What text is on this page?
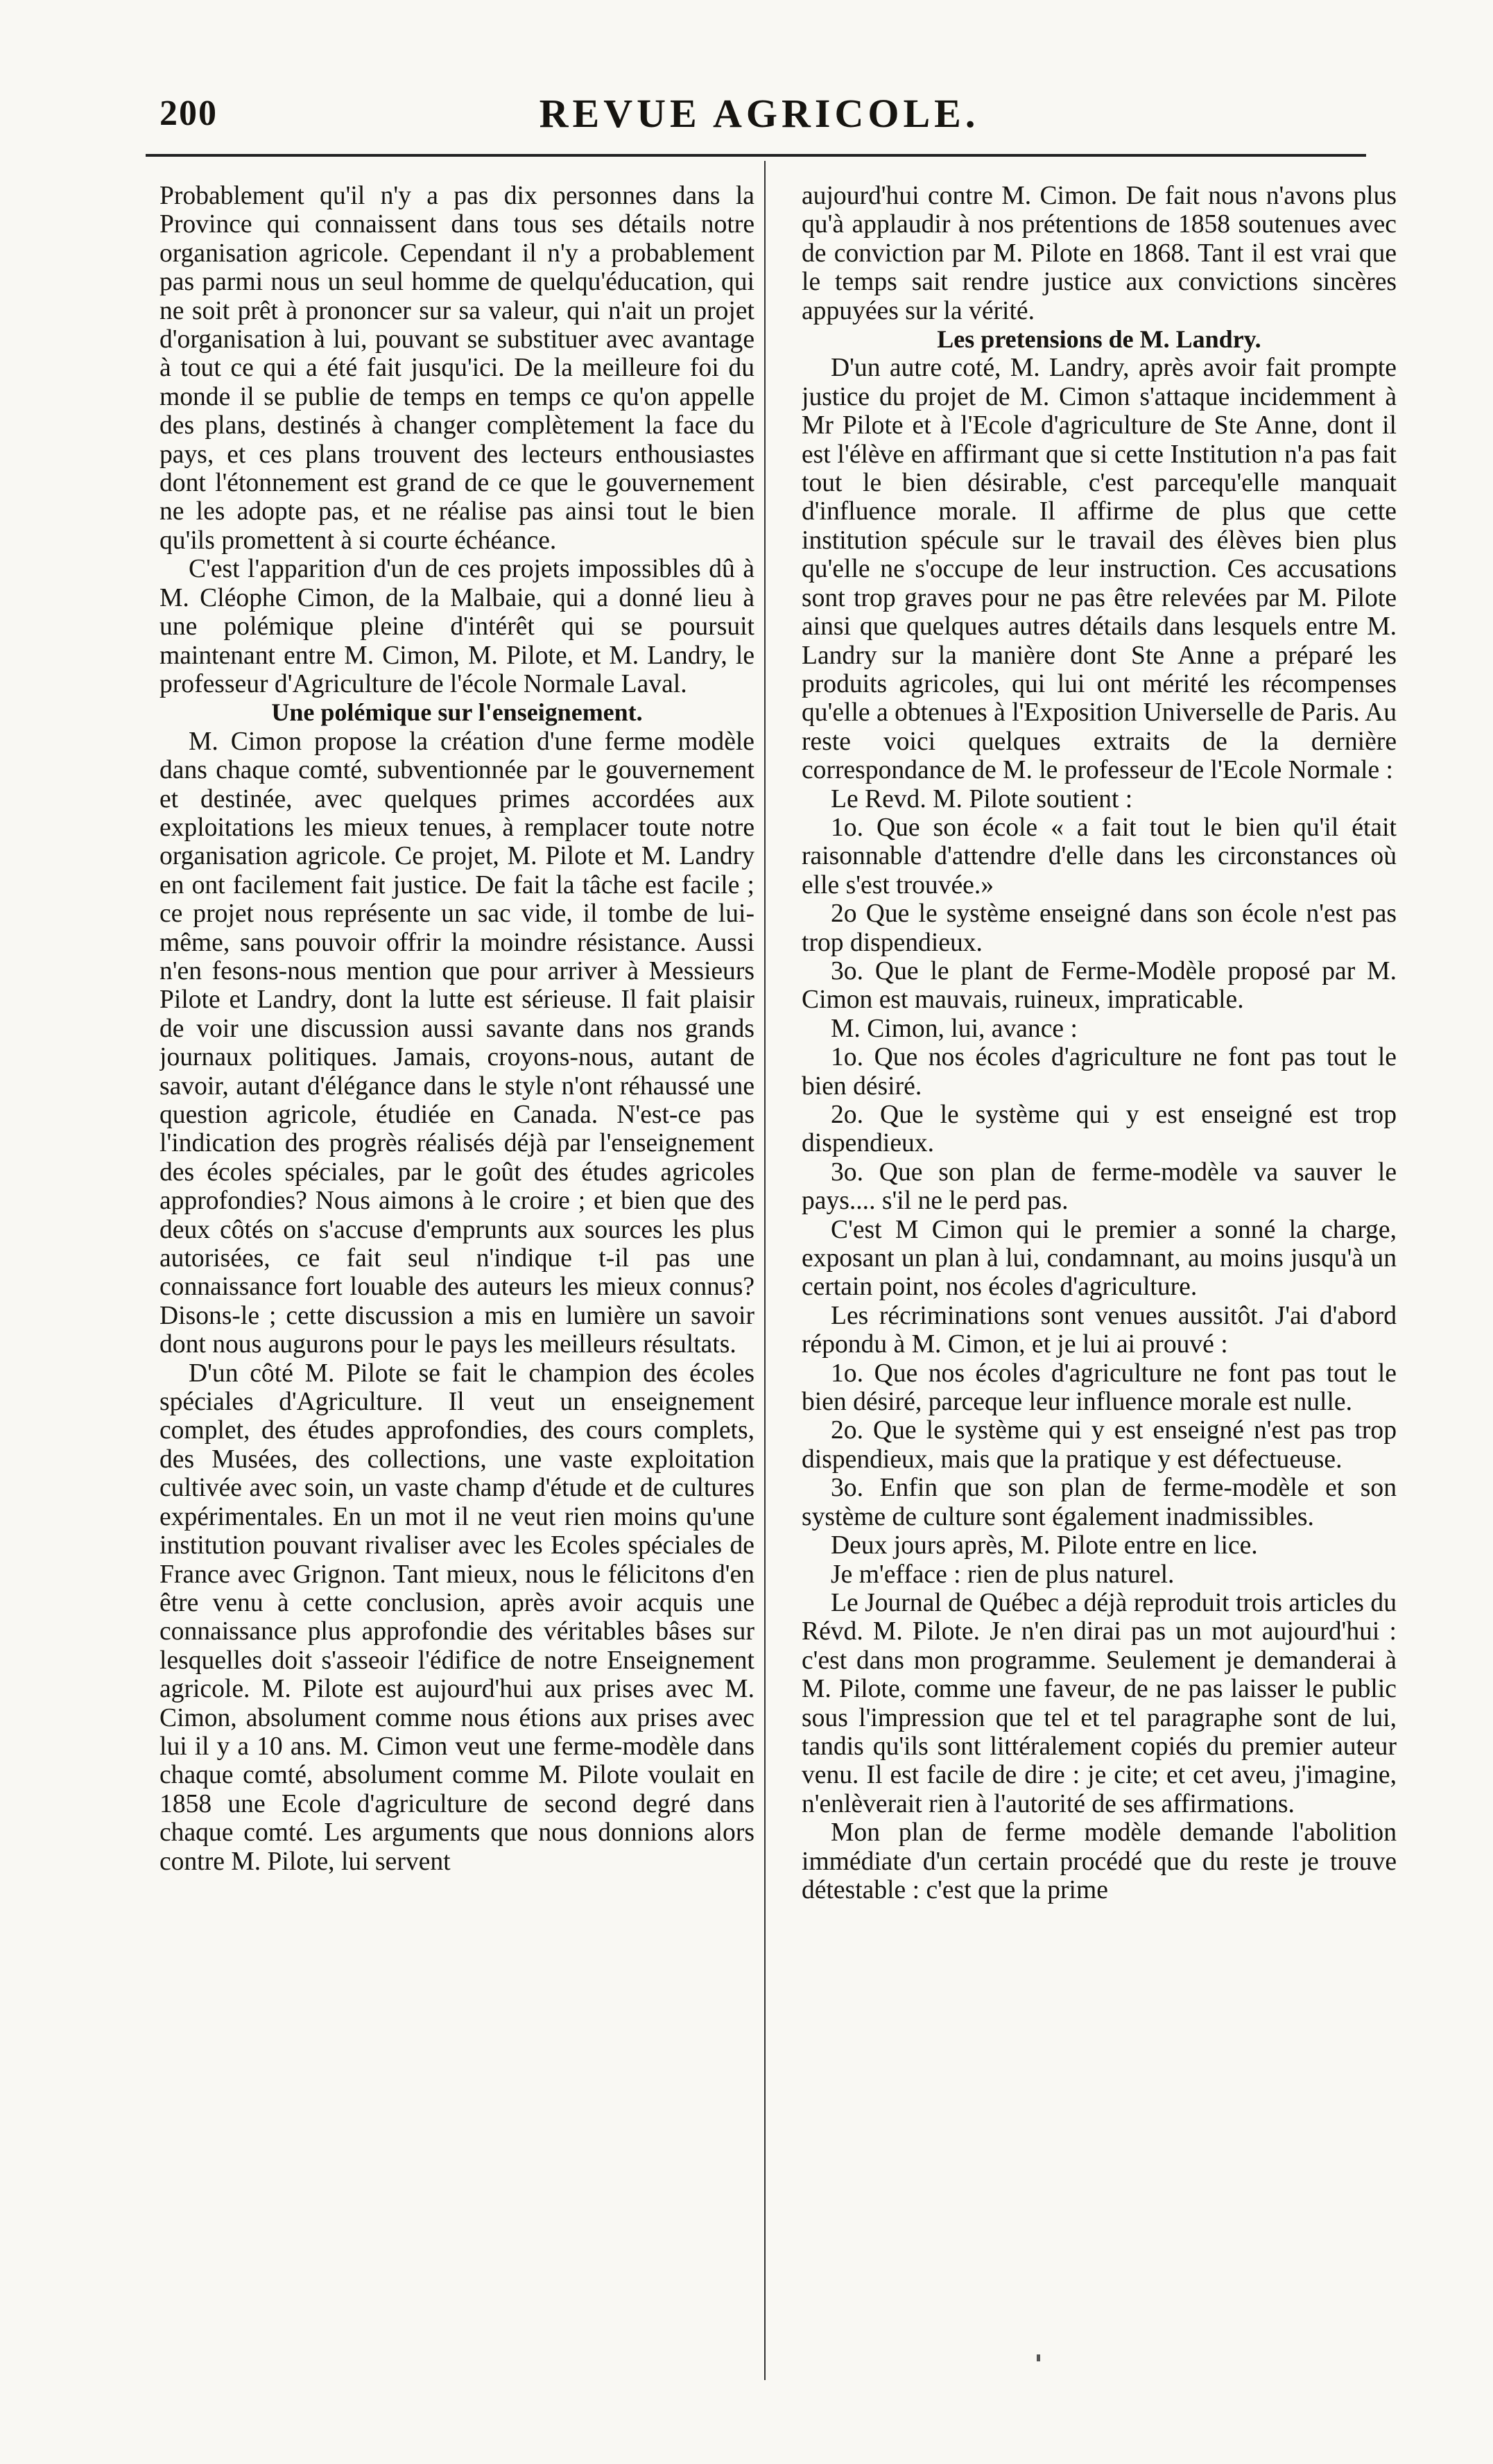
200	REVUE AGRICOLE.

Probablement qu'il n'y a pas dix personnes dans la Province qui connaissent dans tous ses détails notre organisation agricole. Cependant il n'y a probablement pas parmi nous un seul homme de quelqu'éducation, qui ne soit prêt à prononcer sur sa valeur, qui n'ait un projet d'organisation à lui, pouvant se substituer avec avantage à tout ce qui a été fait jusqu'ici. De la meilleure foi du monde il se publie de temps en temps ce qu'on appelle des plans, destinés à changer complètement la face du pays, et ces plans trouvent des lecteurs enthousiastes dont l'étonnement est grand de ce que le gouvernement ne les adopte pas, et ne réalise pas ainsi tout le bien qu'ils promettent à si courte échéance.

C'est l'apparition d'un de ces projets impossibles dû à M. Cléophe Cimon, de la Malbaie, qui a donné lieu à une polémique pleine d'intérêt qui se poursuit maintenant entre M. Cimon, M. Pilote, et M. Landry, le professeur d'Agriculture de l'école Normale Laval.

Une polémique sur l'enseignement.

M. Cimon propose la création d'une ferme modèle dans chaque comté, subventionnée par le gouvernement et destinée, avec quelques primes accordées aux exploitations les mieux tenues, à remplacer toute notre organisation agricole. Ce projet, M. Pilote et M. Landry en ont facilement fait justice. De fait la tâche est facile ; ce projet nous représente un sac vide, il tombe de lui-même, sans pouvoir offrir la moindre résistance. Aussi n'en fesons-nous mention que pour arriver à Messieurs Pilote et Landry, dont la lutte est sérieuse. Il fait plaisir de voir une discussion aussi savante dans nos grands journaux politiques. Jamais, croyons-nous, autant de savoir, autant d'élégance dans le style n'ont réhaussé une question agricole, étudiée en Canada. N'est-ce pas l'indication des progrès réalisés déjà par l'enseignement des écoles spéciales, par le goût des études agricoles approfondies? Nous aimons à le croire ; et bien que des deux côtés on s'accuse d'emprunts aux sources les plus autorisées, ce fait seul n'indique t-il pas une connaissance fort louable des auteurs les mieux connus? Disons-le ; cette discussion a mis en lumière un savoir dont nous augurons pour le pays les meilleurs résultats.

D'un côté M. Pilote se fait le champion des écoles spéciales d'Agriculture. Il veut un enseignement complet, des études approfondies, des cours complets, des Musées, des collections, une vaste exploitation cultivée avec soin, un vaste champ d'étude et de cultures expérimentales. En un mot il ne veut rien moins qu'une institution pouvant rivaliser avec les Ecoles spéciales de France avec Grignon. Tant mieux, nous le félicitons d'en être venu à cette conclusion, après avoir acquis une connaissance plus approfondie des véritables bâses sur lesquelles doit s'asseoir l'édifice de notre Enseignement agricole. M. Pilote est aujourd'hui aux prises avec M. Cimon, absolument comme nous étions aux prises avec lui il y a 10 ans. M. Cimon veut une ferme-modèle dans chaque comté, absolument comme M. Pilote voulait en 1858 une Ecole d'agriculture de second degré dans chaque comté. Les arguments que nous donnions alors contre M. Pilote, lui servent

aujourd'hui contre M. Cimon. De fait nous n'avons plus qu'à applaudir à nos prétentions de 1858 soutenues avec de conviction par M. Pilote en 1868. Tant il est vrai que le temps sait rendre justice aux convictions sincères appuyées sur la vérité.

Les pretensions de M. Landry.

D'un autre coté, M. Landry, après avoir fait prompte justice du projet de M. Cimon s'attaque incidemment à Mr Pilote et à l'Ecole d'agriculture de Ste Anne, dont il est l'élève en affirmant que si cette Institution n'a pas fait tout le bien désirable, c'est parcequ'elle manquait d'influence morale. Il affirme de plus que cette institution spécule sur le travail des élèves bien plus qu'elle ne s'occupe de leur instruction. Ces accusations sont trop graves pour ne pas être relevées par M. Pilote ainsi que quelques autres détails dans lesquels entre M. Landry sur la manière dont Ste Anne a préparé les produits agricoles, qui lui ont mérité les récompenses qu'elle a obtenues à l'Exposition Universelle de Paris. Au reste voici quelques extraits de la dernière correspondance de M. le professeur de l'Ecole Normale :

Le Revd. M. Pilote soutient :

1o. Que son école « a fait tout le bien qu'il était raisonnable d'attendre d'elle dans les circonstances où elle s'est trouvée.»

2o Que le système enseigné dans son école n'est pas trop dispendieux.

3o. Que le plant de Ferme-Modèle proposé par M. Cimon est mauvais, ruineux, impraticable.

M. Cimon, lui, avance :

1o. Que nos écoles d'agriculture ne font pas tout le bien désiré.

2o. Que le système qui y est enseigné est trop dispendieux.

3o. Que son plan de ferme-modèle va sauver le pays.... s'il ne le perd pas.

C'est M Cimon qui le premier a sonné la charge, exposant un plan à lui, condamnant, au moins jusqu'à un certain point, nos écoles d'agriculture.

Les récriminations sont venues aussitôt. J'ai d'abord répondu à M. Cimon, et je lui ai prouvé :

1o. Que nos écoles d'agriculture ne font pas tout le bien désiré, parceque leur influence morale est nulle.

2o. Que le système qui y est enseigné n'est pas trop dispendieux, mais que la pratique y est défectueuse.

3o. Enfin que son plan de ferme-modèle et son système de culture sont également inadmissibles.

Deux jours après, M. Pilote entre en lice.

Je m'efface : rien de plus naturel.

Le Journal de Québec a déjà reproduit trois articles du Révd. M. Pilote. Je n'en dirai pas un mot aujourd'hui : c'est dans mon programme. Seulement je demanderai à M. Pilote, comme une faveur, de ne pas laisser le public sous l'impression que tel et tel paragraphe sont de lui, tandis qu'ils sont littéralement copiés du premier auteur venu. Il est facile de dire : je cite; et cet aveu, j'imagine, n'enlèverait rien à l'autorité de ses affirmations.

Mon plan de ferme modèle demande l'abolition immédiate d'un certain procédé que du reste je trouve détestable : c'est que la prime
